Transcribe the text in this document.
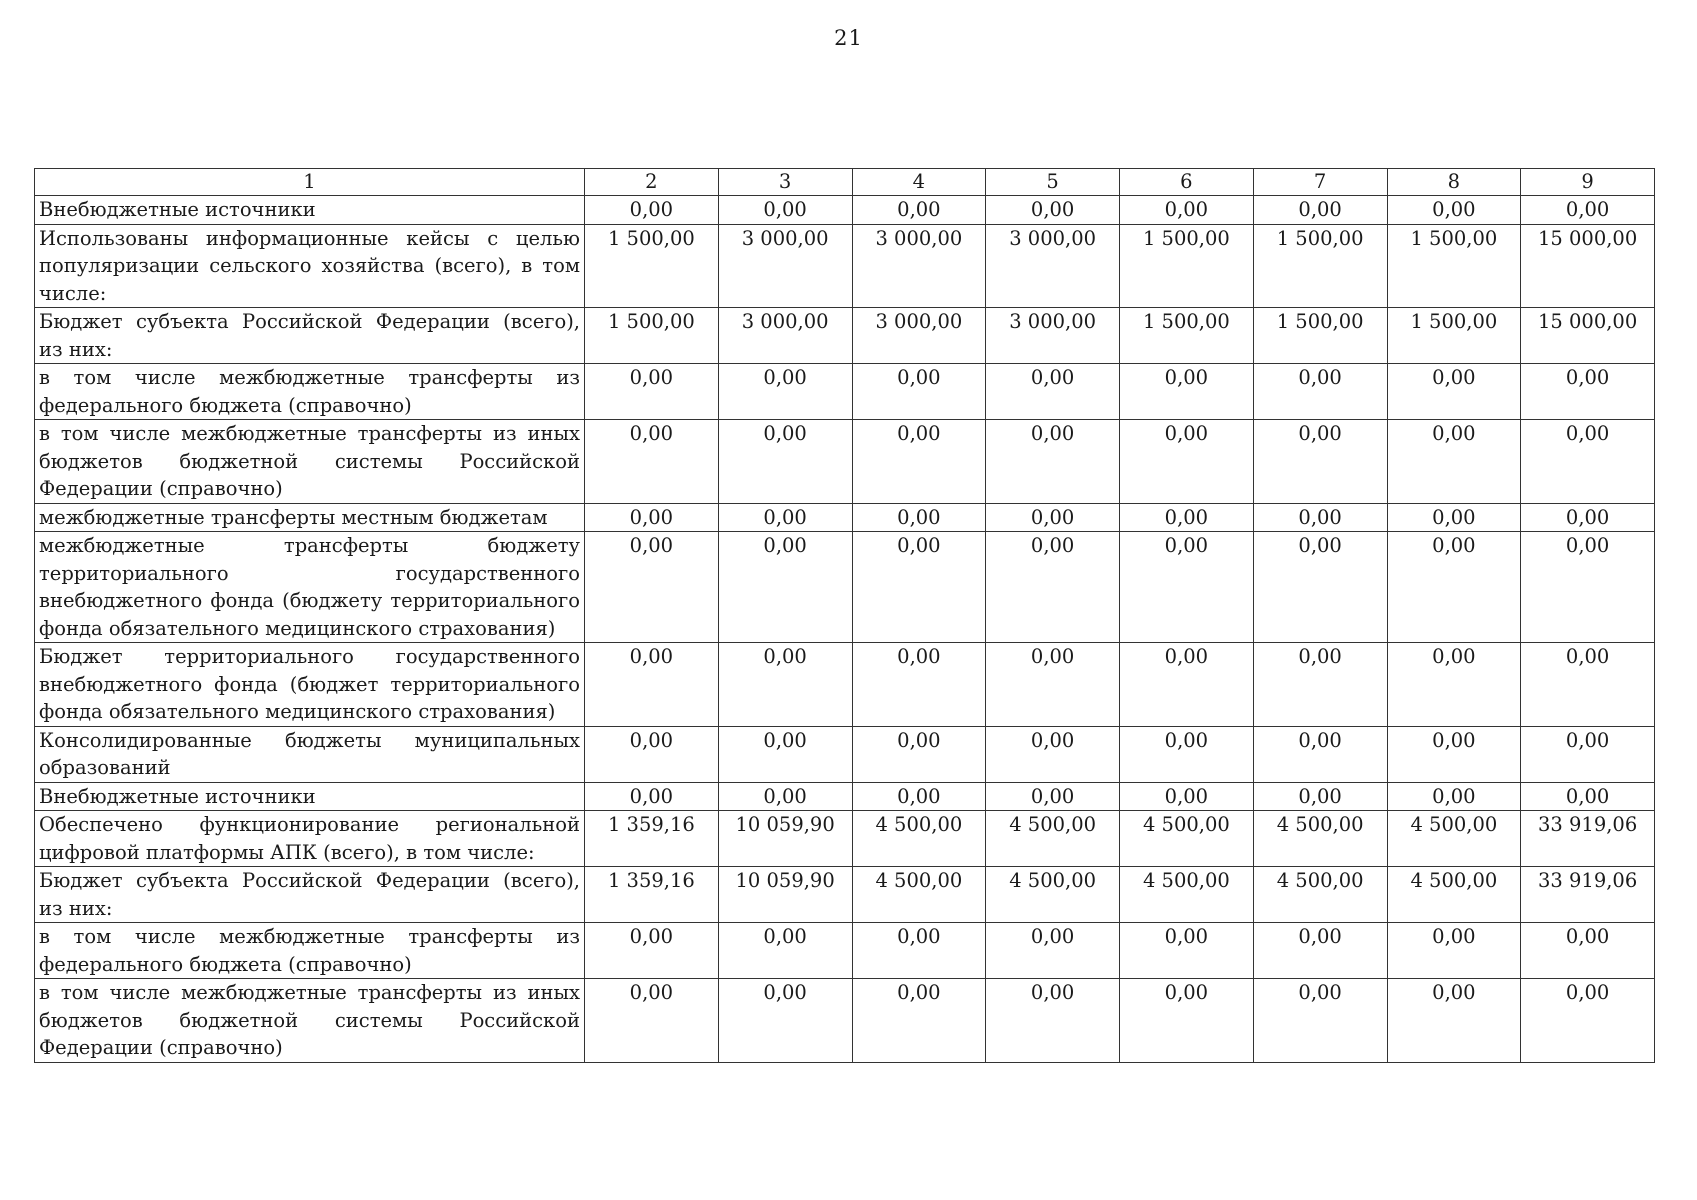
21
1	2	3	4	5	6	7	8	9
Внебюджетные источники	0,00	0,00	0,00	0,00	0,00	0,00	0,00	0,00
Использованы информационные кейсы с целью популяризации сельского хозяйства (всего), в том числе:	1 500,00	3 000,00	3 000,00	3 000,00	1 500,00	1 500,00	1 500,00	15 000,00
Бюджет субъекта Российской Федерации (всего), из них:	1 500,00	3 000,00	3 000,00	3 000,00	1 500,00	1 500,00	1 500,00	15 000,00
в том числе межбюджетные трансферты из федерального бюджета (справочно)	0,00	0,00	0,00	0,00	0,00	0,00	0,00	0,00
в том числе межбюджетные трансферты из иных бюджетов бюджетной системы Российской Федерации (справочно)	0,00	0,00	0,00	0,00	0,00	0,00	0,00	0,00
межбюджетные трансферты местным бюджетам	0,00	0,00	0,00	0,00	0,00	0,00	0,00	0,00
межбюджетные трансферты бюджету территориального государственного внебюджетного фонда (бюджету территориального фонда обязательного медицинского страхования)	0,00	0,00	0,00	0,00	0,00	0,00	0,00	0,00
Бюджет территориального государственного внебюджетного фонда (бюджет территориального фонда обязательного медицинского страхования)	0,00	0,00	0,00	0,00	0,00	0,00	0,00	0,00
Консолидированные бюджеты муниципальных образований	0,00	0,00	0,00	0,00	0,00	0,00	0,00	0,00
Внебюджетные источники	0,00	0,00	0,00	0,00	0,00	0,00	0,00	0,00
Обеспечено функционирование региональной цифровой платформы АПК (всего), в том числе:	1 359,16	10 059,90	4 500,00	4 500,00	4 500,00	4 500,00	4 500,00	33 919,06
Бюджет субъекта Российской Федерации (всего), из них:	1 359,16	10 059,90	4 500,00	4 500,00	4 500,00	4 500,00	4 500,00	33 919,06
в том числе межбюджетные трансферты из федерального бюджета (справочно)	0,00	0,00	0,00	0,00	0,00	0,00	0,00	0,00
в том числе межбюджетные трансферты из иных бюджетов бюджетной системы Российской Федерации (справочно)	0,00	0,00	0,00	0,00	0,00	0,00	0,00	0,00
